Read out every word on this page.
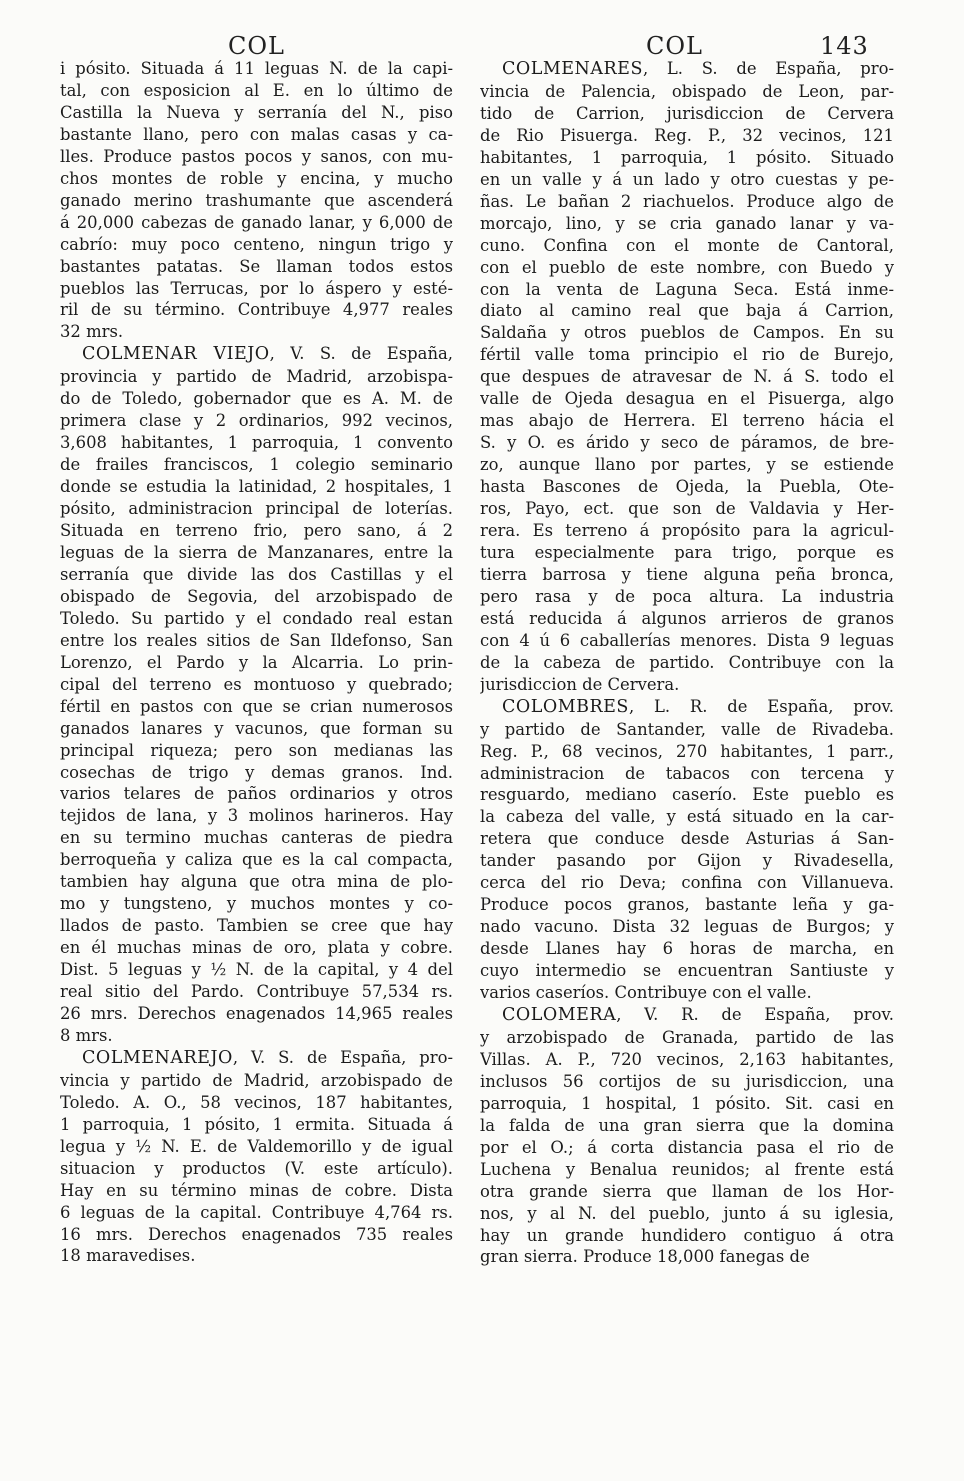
COL	COL	143
i pósito. Situada á 11 leguas N. de la capi-
tal, con esposicion al E. en lo último de
Castilla la Nueva y serranía del N., piso
bastante llano, pero con malas casas y ca-
lles. Produce pastos pocos y sanos, con mu-
chos montes de roble y encina, y mucho
ganado merino trashumante que ascenderá
á 20,000 cabezas de ganado lanar, y 6,000 de
cabrío: muy poco centeno, ningun trigo y
bastantes patatas. Se llaman todos estos
pueblos las Terrucas, por lo áspero y esté-
ril de su término. Contribuye 4,977 reales
32 mrs.
COLMENAR VIEJO, V. S. de España,
provincia y partido de Madrid, arzobispa-
do de Toledo, gobernador que es A. M. de
primera clase y 2 ordinarios, 992 vecinos,
3,608 habitantes, 1 parroquia, 1 convento
de frailes franciscos, 1 colegio seminario
donde se estudia la latinidad, 2 hospitales, 1
pósito, administracion principal de loterías.
Situada en terreno frio, pero sano, á 2
leguas de la sierra de Manzanares, entre la
serranía que divide las dos Castillas y el
obispado de Segovia, del arzobispado de
Toledo. Su partido y el condado real estan
entre los reales sitios de San Ildefonso, San
Lorenzo, el Pardo y la Alcarria. Lo prin-
cipal del terreno es montuoso y quebrado;
fértil en pastos con que se crian numerosos
ganados lanares y vacunos, que forman su
principal riqueza; pero son medianas las
cosechas de trigo y demas granos. Ind.
varios telares de paños ordinarios y otros
tejidos de lana, y 3 molinos harineros. Hay
en su termino muchas canteras de piedra
berroqueña y caliza que es la cal compacta,
tambien hay alguna que otra mina de plo-
mo y tungsteno, y muchos montes y co-
llados de pasto. Tambien se cree que hay
en él muchas minas de oro, plata y cobre.
Dist. 5 leguas y ½ N. de la capital, y 4 del
real sitio del Pardo. Contribuye 57,534 rs.
26 mrs. Derechos enagenados 14,965 reales
8 mrs.
COLMENAREJO, V. S. de España, pro-
vincia y partido de Madrid, arzobispado de
Toledo. A. O., 58 vecinos, 187 habitantes,
1 parroquia, 1 pósito, 1 ermita. Situada á
legua y ½ N. E. de Valdemorillo y de igual
situacion y productos (V. este artículo).
Hay en su término minas de cobre. Dista
6 leguas de la capital. Contribuye 4,764 rs.
16 mrs. Derechos enagenados 735 reales
18 maravedises.
COLMENARES, L. S. de España, pro-
vincia de Palencia, obispado de Leon, par-
tido de Carrion, jurisdiccion de Cervera
de Rio Pisuerga. Reg. P., 32 vecinos, 121
habitantes, 1 parroquia, 1 pósito. Situado
en un valle y á un lado y otro cuestas y pe-
ñas. Le bañan 2 riachuelos. Produce algo de
morcajo, lino, y se cria ganado lanar y va-
cuno. Confina con el monte de Cantoral,
con el pueblo de este nombre, con Buedo y
con la venta de Laguna Seca. Está inme-
diato al camino real que baja á Carrion,
Saldaña y otros pueblos de Campos. En su
fértil valle toma principio el rio de Burejo,
que despues de atravesar de N. á S. todo el
valle de Ojeda desagua en el Pisuerga, algo
mas abajo de Herrera. El terreno hácia el
S. y O. es árido y seco de páramos, de bre-
zo, aunque llano por partes, y se estiende
hasta Bascones de Ojeda, la Puebla, Ote-
ros, Payo, ect. que son de Valdavia y Her-
rera. Es terreno á propósito para la agricul-
tura especialmente para trigo, porque es
tierra barrosa y tiene alguna peña bronca,
pero rasa y de poca altura. La industria
está reducida á algunos arrieros de granos
con 4 ú 6 caballerías menores. Dista 9 leguas
de la cabeza de partido. Contribuye con la
jurisdiccion de Cervera.
COLOMBRES, L. R. de España, prov.
y partido de Santander, valle de Rivadeba.
Reg. P., 68 vecinos, 270 habitantes, 1 parr.,
administracion de tabacos con tercena y
resguardo, mediano caserío. Este pueblo es
la cabeza del valle, y está situado en la car-
retera que conduce desde Asturias á San-
tander pasando por Gijon y Rivadesella,
cerca del rio Deva; confina con Villanueva.
Produce pocos granos, bastante leña y ga-
nado vacuno. Dista 32 leguas de Burgos; y
desde Llanes hay 6 horas de marcha, en
cuyo intermedio se encuentran Santiuste y
varios caseríos. Contribuye con el valle.
COLOMERA, V. R. de España, prov.
y arzobispado de Granada, partido de las
Villas. A. P., 720 vecinos, 2,163 habitantes,
inclusos 56 cortijos de su jurisdiccion, una
parroquia, 1 hospital, 1 pósito. Sit. casi en
la falda de una gran sierra que la domina
por el O.; á corta distancia pasa el rio de
Luchena y Benalua reunidos; al frente está
otra grande sierra que llaman de los Hor-
nos, y al N. del pueblo, junto á su iglesia,
hay un grande hundidero contiguo á otra
gran sierra. Produce 18,000 fanegas de
